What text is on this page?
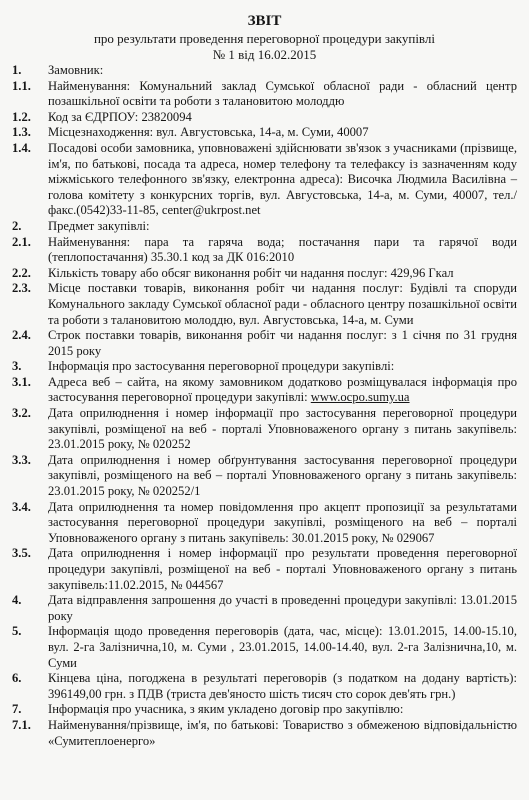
ЗВІТ
про результати проведення переговорної процедури закупівлі
№ 1 від 16.02.2015
1.	Замовник:
1.1.	Найменування: Комунальний заклад Сумської обласної ради - обласний центр позашкільної освіти та роботи з талановитою молоддю
1.2.	Код за ЄДРПОУ: 23820094
1.3.	Місцезнаходження: вул. Августовська, 14-а, м. Суми, 40007
1.4.	Посадові особи замовника, уповноважені здійснювати зв'язок з учасниками (прізвище, ім'я, по батькові, посада та адреса, номер телефону та телефаксу із зазначенням коду міжміського телефонного зв'язку, електронна адреса): Височка Людмила Василівна – голова комітету з конкурсних торгів, вул. Августовська, 14-а, м. Суми, 40007, тел./факс.(0542)33-11-85, center@ukrpost.net
2.	Предмет закупівлі:
2.1.	Найменування: пара та гаряча вода; постачання пари та гарячої води (теплопостачання) 35.30.1 код за ДК 016:2010
2.2.	Кількість товару або обсяг виконання робіт чи надання послуг: 429,96 Гкал
2.3.	Місце поставки товарів, виконання робіт чи надання послуг: Будівлі та споруди Комунального закладу Сумської обласної ради - обласного центру позашкільної освіти та роботи з талановитою молоддю, вул. Августовська, 14-а, м. Суми
2.4.	Строк поставки товарів, виконання робіт чи надання послуг: з 1 січня по 31 грудня 2015 року
3.	Інформація про застосування переговорної процедури закупівлі:
3.1.	Адреса веб – сайта, на якому замовником додатково розміщувалася інформація про застосування переговорної процедури закупівлі: www.ocpo.sumy.ua
3.2.	Дата оприлюднення і номер інформації про застосування переговорної процедури закупівлі, розміщеної на веб - порталі Уповноваженого органу з питань закупівель: 23.01.2015 року, № 020252
3.3.	Дата оприлюднення і номер обґрунтування застосування переговорної процедури закупівлі, розміщеного на веб – порталі Уповноваженого органу з питань закупівель: 23.01.2015 року, № 020252/1
3.4.	Дата оприлюднення та номер повідомлення про акцепт пропозиції за результатами застосування переговорної процедури закупівлі, розміщеного на веб – порталі Уповноваженого органу з питань закупівель: 30.01.2015 року, № 029067
3.5.	Дата оприлюднення і номер інформації про результати проведення переговорної процедури закупівлі, розміщеної на веб - порталі Уповноваженого органу з питань закупівель:11.02.2015, № 044567
4.	Дата відправлення запрошення до участі в проведенні процедури закупівлі: 13.01.2015 року
5.	Інформація щодо проведення переговорів (дата, час, місце): 13.01.2015, 14.00-15.10, вул. 2-га Залізнична,10, м. Суми , 23.01.2015, 14.00-14.40, вул. 2-га Залізнична,10, м. Суми
6.	Кінцева ціна, погоджена в результаті переговорів (з податком на додану вартість): 396149,00 грн. з ПДВ (триста дев'яносто шість тисяч сто сорок дев'ять грн.)
7.	Інформація про учасника, з яким укладено договір про закупівлю:
7.1.	Найменування/прізвище, ім'я, по батькові: Товариство з обмеженою відповідальністю «Сумитеплоенерго»
